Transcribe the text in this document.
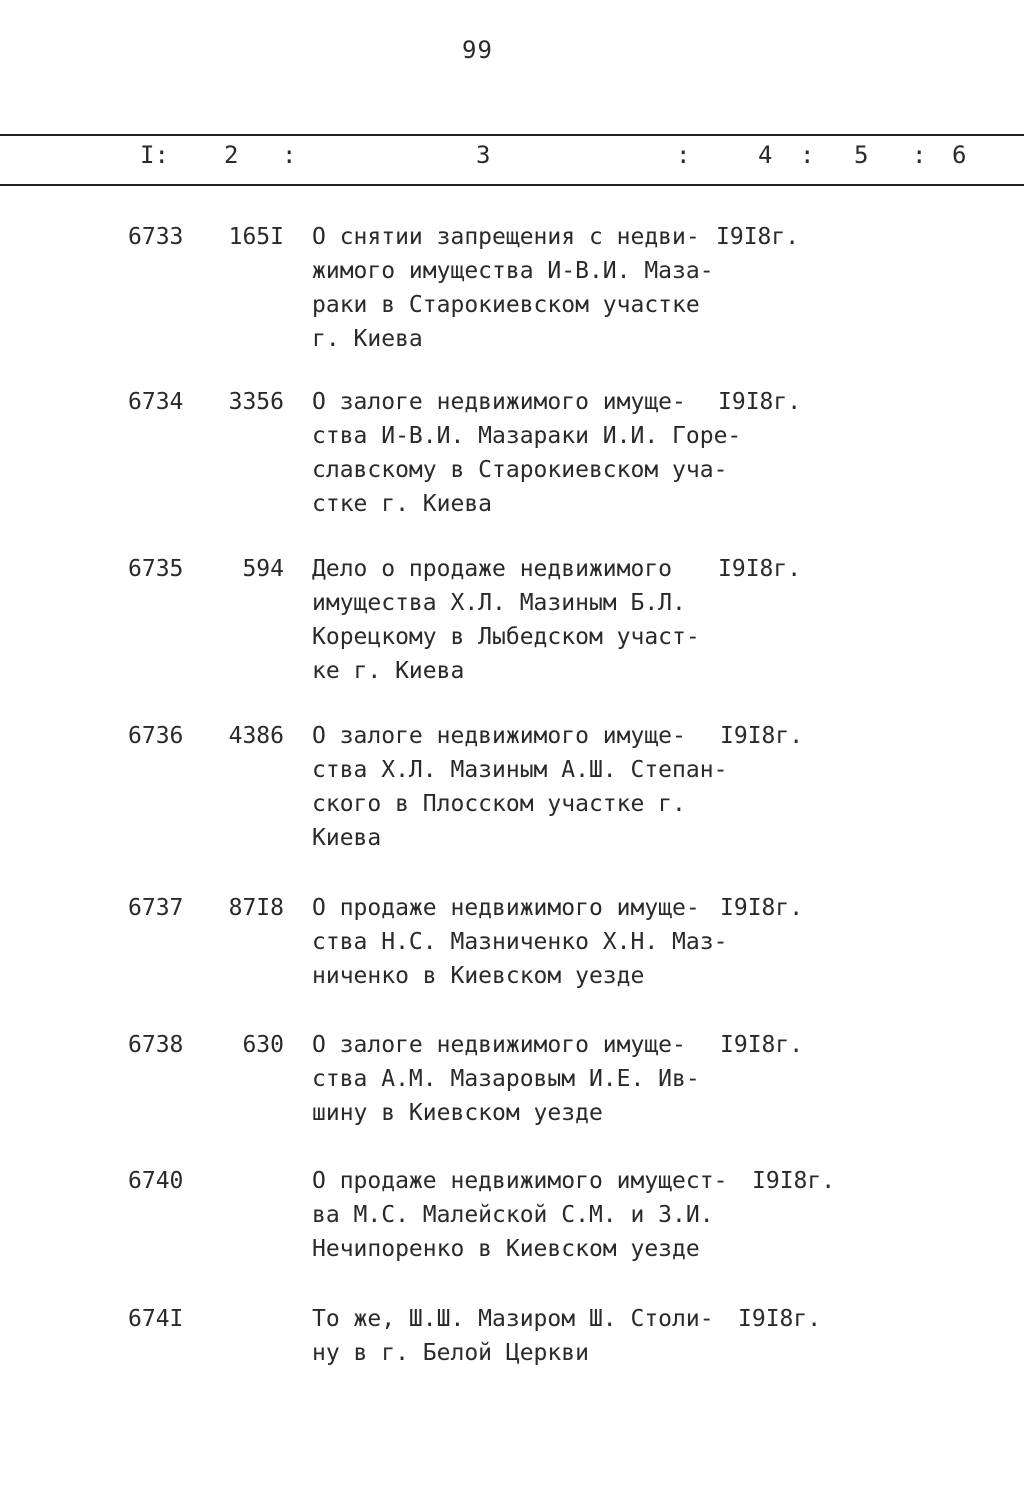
99
I: 2 :	3	:	4 : 5 : 6
6733 165I О снятии запрещения с недви-
жимого имущества И-В.И. Маза-
раки в Старокиевском участке
г. Киева
I9I8г.
6734 3356 О залоге недвижимого имуще-
ства И-В.И. Мазараки И.И. Горе-
славскому в Старокиевском уча-
стке г. Киева
I9I8г.
6735	594 Дело о продаже недвижимого
имущества Х.Л. Мазиным Б.Л.
Корецкому в Лыбедском участ-
ке г. Киева
I9I8г.
6736 4386 О залоге недвижимого имуще-
ства Х.Л. Мазиным А.Ш. Степан-
ского в Плосском участке г.
Киева
I9I8г.
6737 87I8 О продаже недвижимого имуще-
ства Н.С. Мазниченко Х.Н. Маз-
ниченко в Киевском уезде
I9I8г.
6738	630 О залоге недвижимого имуще-
ства А.М. Мазаровым И.Е. Ив-
шину в Киевском уезде
I9I8г.
6740	О продаже недвижимого имущест-
ва М.С. Малейской С.М. и З.И.
Нечипоренко в Киевском уезде
I9I8г.
674I	То же, Ш.Ш. Мазиром Ш. Столи-
ну в г. Белой Церкви
I9I8г.
